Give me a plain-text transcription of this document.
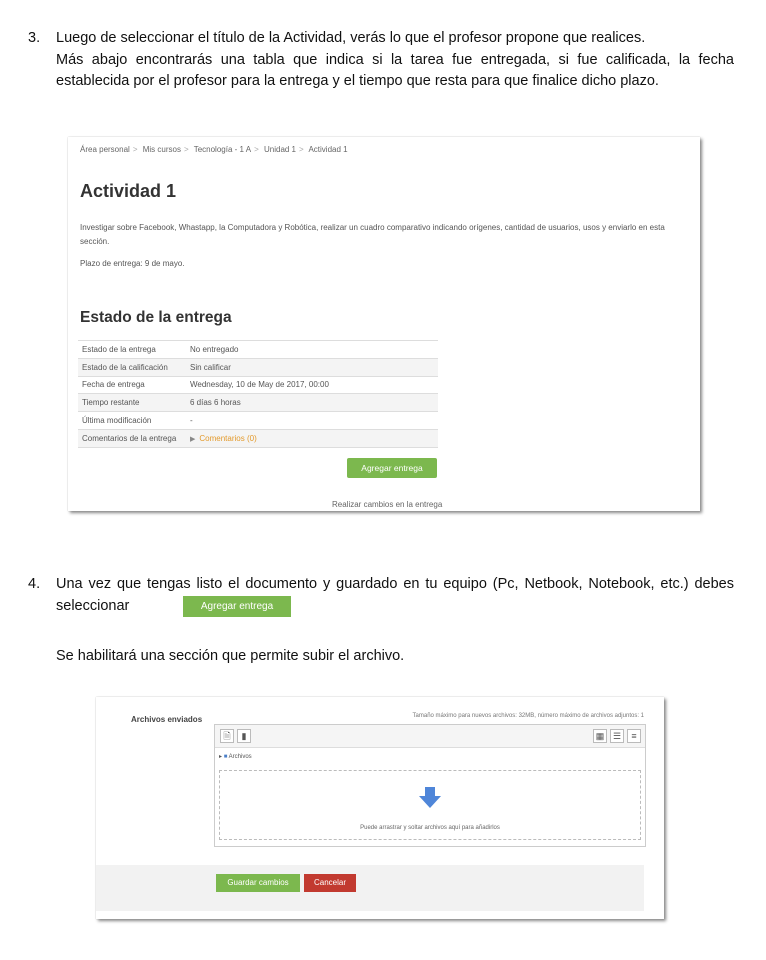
3. Luego de seleccionar el título de la Actividad, verás lo que el profesor propone que realices.

Más abajo encontrarás una tabla que indica si la tarea fue entregada, si fue calificada, la fecha establecida por el profesor para la entrega y el tiempo que resta para que finalice dicho plazo.

Área personal > Mis cursos > Tecnología - 1 A > Unidad 1 > Actividad 1
Actividad 1
Investigar sobre Facebook, Whastapp, la Computadora y Robótica, realizar un cuadro comparativo indicando orígenes, cantidad de usuarios, usos y enviarlo en esta sección.
Plazo de entrega: 9 de mayo.
Estado de la entrega
Estado de la entrega	No entregado
Estado de la calificación	Sin calificar
Fecha de entrega	Wednesday, 10 de May de 2017, 00:00
Tiempo restante	6 días 6 horas
Última modificación	-
Comentarios de la entrega	▶ Comentarios (0)
Agregar entrega
Realizar cambios en la entrega
4. Una vez que tengas listo el documento y guardado en tu equipo (Pc, Netbook, Notebook, etc.) debes seleccionar	Agregar entrega

Se habilitará una sección que permite subir el archivo.

Archivos enviados	Tamaño máximo para nuevos archivos: 32MB, número máximo de archivos adjuntos: 1
🗎	▮	▦ ☰	≡
▸ ■ Archivos
Puede arrastrar y soltar archivos aquí para añadirlos
Guardar cambios	Cancelar
